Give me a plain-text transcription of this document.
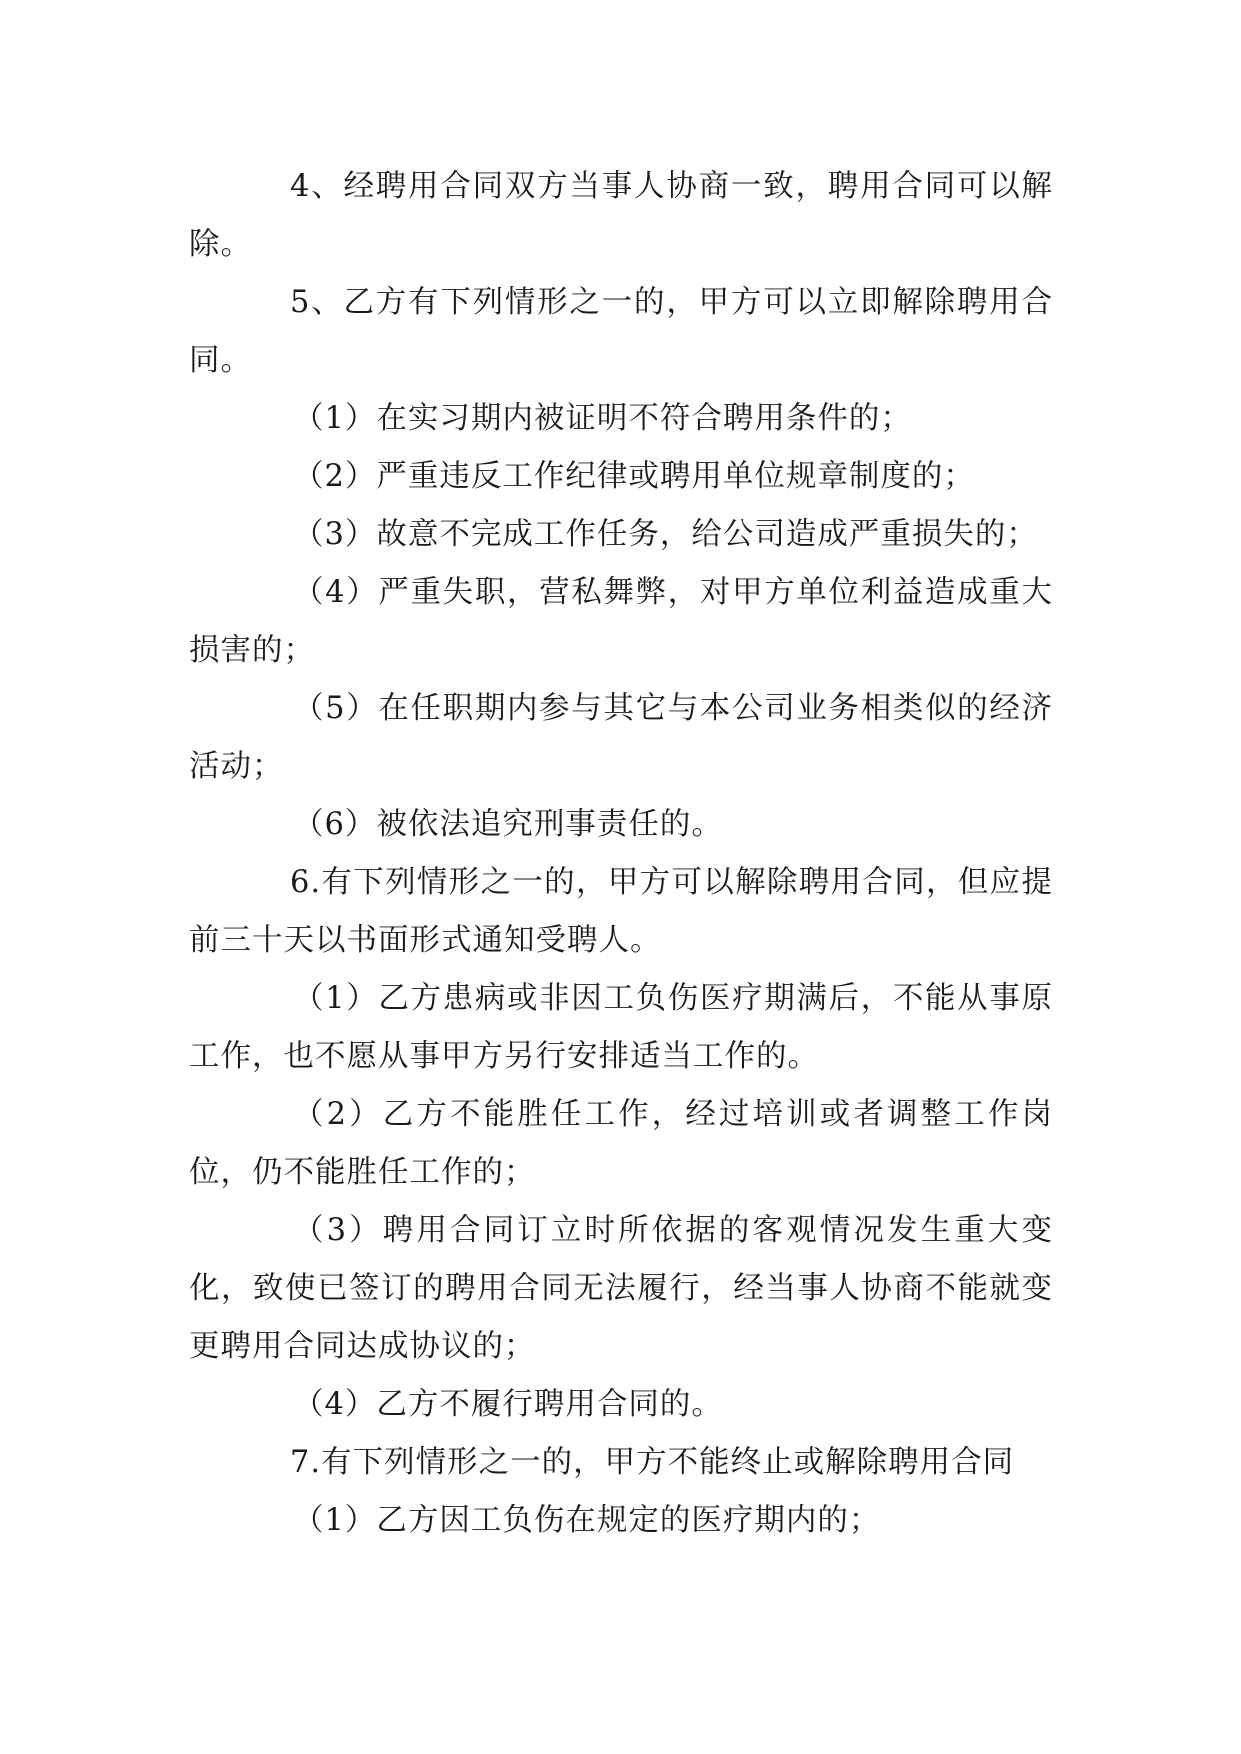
4、经聘用合同双方当事人协商一致，聘用合同可以解除。

5、乙方有下列情形之一的，甲方可以立即解除聘用合同。

（1）在实习期内被证明不符合聘用条件的；

（2）严重违反工作纪律或聘用单位规章制度的；

（3）故意不完成工作任务，给公司造成严重损失的；

（4）严重失职，营私舞弊，对甲方单位利益造成重大损害的；

（5）在任职期内参与其它与本公司业务相类似的经济活动；

（6）被依法追究刑事责任的。

6.有下列情形之一的，甲方可以解除聘用合同，但应提前三十天以书面形式通知受聘人。

（1）乙方患病或非因工负伤医疗期满后，不能从事原工作，也不愿从事甲方另行安排适当工作的。

（2）乙方不能胜任工作，经过培训或者调整工作岗位，仍不能胜任工作的；

（3）聘用合同订立时所依据的客观情况发生重大变化，致使已签订的聘用合同无法履行，经当事人协商不能就变更聘用合同达成协议的；

（4）乙方不履行聘用合同的。

7.有下列情形之一的，甲方不能终止或解除聘用合同

（1）乙方因工负伤在规定的医疗期内的；
